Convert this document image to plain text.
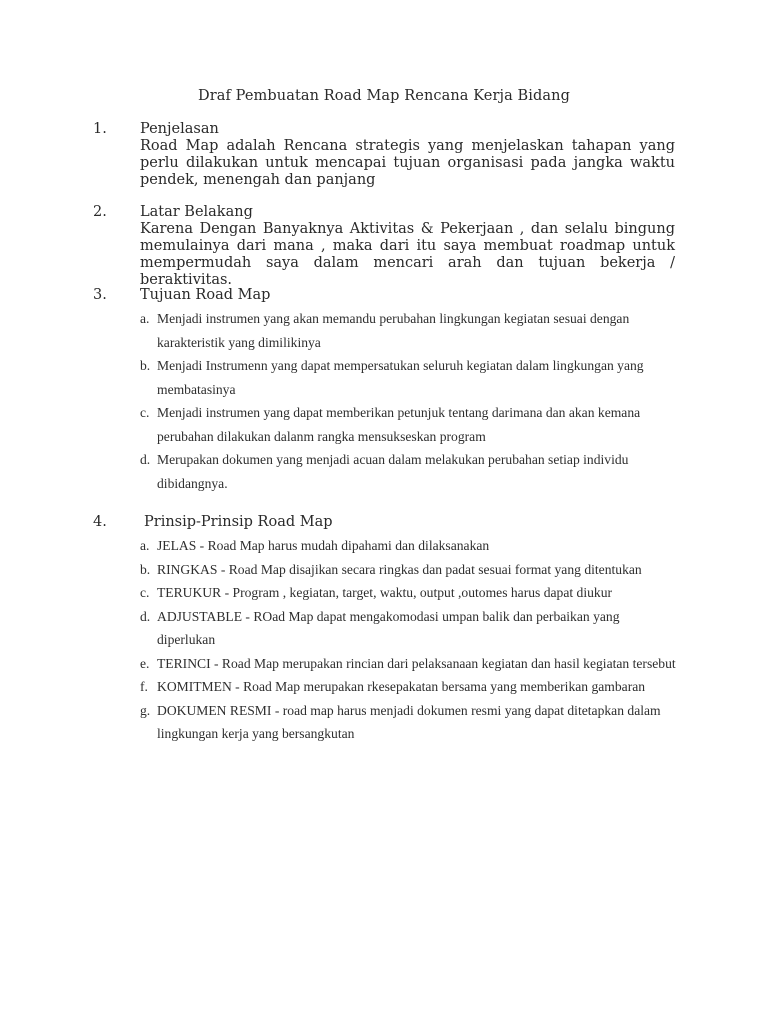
Draf Pembuatan Road Map Rencana Kerja Bidang
1. Penjelasan
Road Map adalah Rencana strategis yang menjelaskan tahapan yang perlu dilakukan untuk mencapai tujuan organisasi pada jangka waktu pendek, menengah dan panjang
2. Latar Belakang
Karena Dengan Banyaknya Aktivitas & Pekerjaan , dan selalu bingung memulainya dari mana , maka dari itu saya membuat roadmap untuk mempermudah saya dalam mencari arah dan tujuan bekerja / beraktivitas.
3. Tujuan Road Map
a. Menjadi instrumen yang akan memandu perubahan lingkungan kegiatan sesuai dengan karakteristik yang dimilikinya
b. Menjadi Instrumenn yang dapat mempersatukan seluruh kegiatan dalam lingkungan yang membatasinya
c. Menjadi instrumen yang dapat memberikan petunjuk tentang darimana dan akan kemana perubahan dilakukan dalanm rangka mensukseskan program
d. Merupakan dokumen yang menjadi acuan dalam melakukan perubahan setiap individu dibidangnya.
4.	Prinsip-Prinsip Road Map
a. JELAS - Road Map harus mudah dipahami dan dilaksanakan
b. RINGKAS - Road Map disajikan secara ringkas dan padat sesuai format yang ditentukan
c. TERUKUR - Program , kegiatan, target, waktu, output ,outomes harus dapat diukur
d. ADJUSTABLE - ROad Map dapat mengakomodasi umpan balik dan perbaikan yang diperlukan
e. TERINCI - Road Map merupakan rincian dari pelaksanaan kegiatan dan hasil kegiatan tersebut
f. KOMITMEN - Road Map merupakan rkesepakatan bersama yang memberikan gambaran
g. DOKUMEN RESMI - road map harus menjadi dokumen resmi yang dapat ditetapkan dalam lingkungan kerja yang bersangkutan
